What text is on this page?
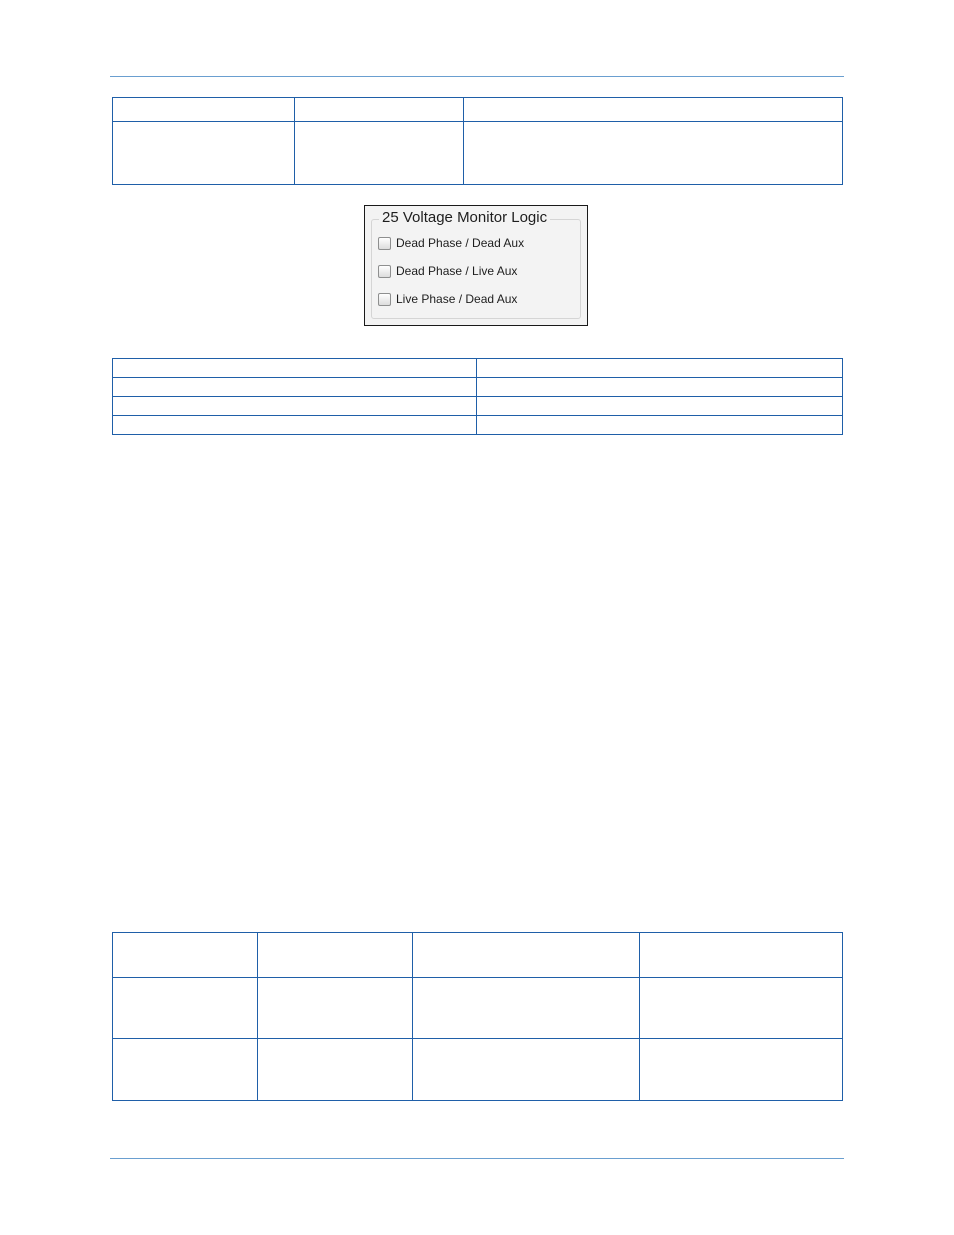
25 Voltage Monitor Logic
Dead Phase / Dead Aux
Dead Phase / Live Aux
Live Phase / Dead Aux
